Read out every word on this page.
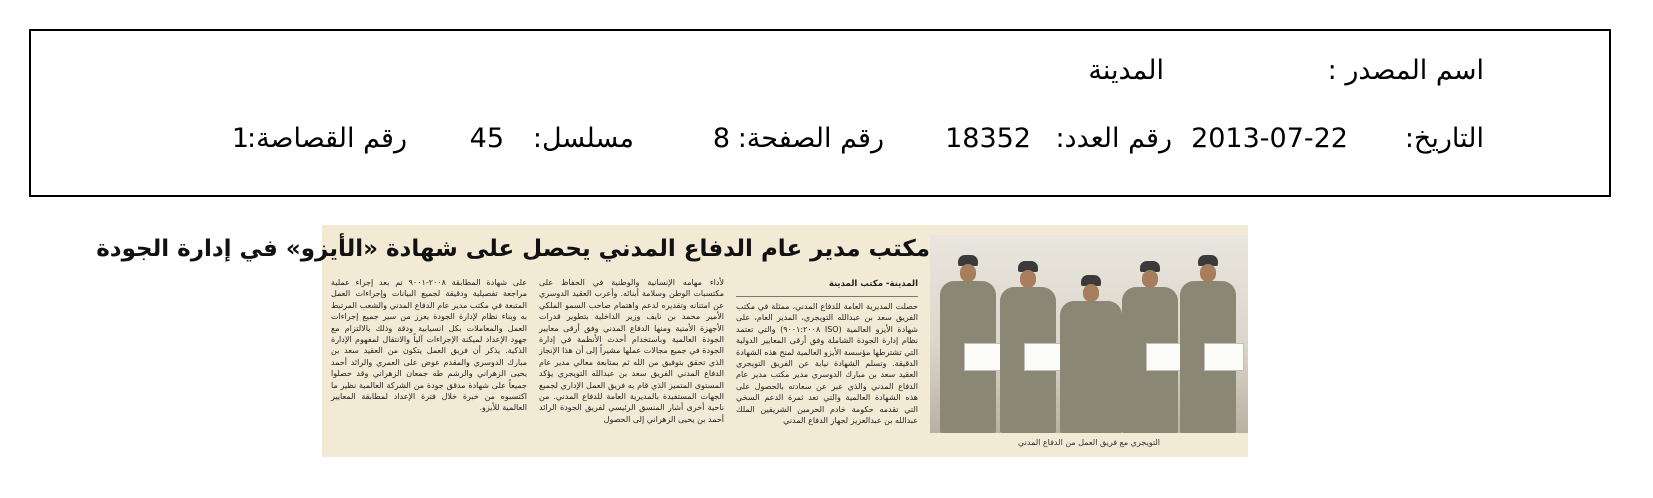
اسم المصدر :
المدينة
التاريخ:
2013-07-22
رقم العدد:
18352
رقم الصفحة:
8
مسلسل:
45
رقم القصاصة:
1
التويجري مع فريق العمل من الدفاع المدني
مكتب مدير عام الدفاع المدني يحصل على شهادة «الأيزو» في إدارة الجودة
المدينة- مكتب المدينة
حصلت المديرية العامة للدفاع المدني، ممثلة في مكتب الفريق سعد بن عبدالله التويجري، المدير العام، على شهادة الأيزو العالمية (ISO ٩٠٠١:٢٠٠٨) والتي تعتمد نظام إدارة الجودة الشاملة وفق أرقى المعايير الدولية التي تشترطها مؤسسة الأيزو العالمية لمنح هذه الشهادة الدقيقة. وتسلم الشهادة نيابة عن الفريق التويجري العقيد سعد بن مبارك الدوسري مدير مكتب مدير عام الدفاع المدني والذي عبر عن سعادته بالحصول على هذه الشهادة العالمية والتي تعد ثمرة الدعم السخي التي تقدمه حكومة خادم الحرمين الشريفين الملك عبدالله بن عبدالعزيز لجهاز الدفاع المدني
لأداء مهامه الإنسانية والوطنية في الحفاظ على مكتسبات الوطن وسلامة أبنائه. وأعرب العقيد الدوسري عن امتنانه وتقديره لدعم واهتمام صاحب السمو الملكي الأمير محمد بن نايف وزير الداخلية بتطوير قدرات الأجهزة الأمنية ومنها الدفاع المدني وفق أرقى معايير الجودة العالمية وباستخدام أحدث الأنظمة في إدارة الجودة في جميع مجالات عملها مشيراً إلى أن هذا الإنجاز الذي تحقق بتوفيق من الله ثم بمتابعة معالي مدير عام الدفاع المدني الفريق سعد بن عبدالله التويجري يؤكد المستوى المتميز الذي قام به فريق العمل الإداري لجميع الجهات المستفيدة بالمديرية العامة للدفاع المدني. من ناحية أخرى أشار المنسق الرئيسي لفريق الجودة الرائد أحمد بن يحيى الزهراني إلى الحصول
على شهادة المطابقة ٢٠٠٨-٩٠٠١ تم بعد إجراء عملية مراجعة تفصيلية ودقيقة لجميع البيانات وإجراءات العمل المتبعة في مكتب مدير عام الدفاع المدني والشعب المرتبط به وبناء نظام لإدارة الجودة يعزز من سير جميع إجراءات العمل والمعاملات بكل انسيابية ودقة وذلك بالالتزام مع جهود الإعداد لميكنة الإجراءات آلياً والانتقال لمفهوم الإدارة الذكية. يذكر أن فريق العمل يتكون من العقيد سعد بن مبارك الدوسري والمقدم عوض على العمري والرائد أحمد يحيى الزهراني والرشم طه جمعان الزهراني وقد حصلوا جميعاً على شهادة مدقق جودة من الشركة العالمية نظير ما اكتسبوه من خبرة خلال فترة الإعداد لمطابقة المعايير العالمية للأيزو.
